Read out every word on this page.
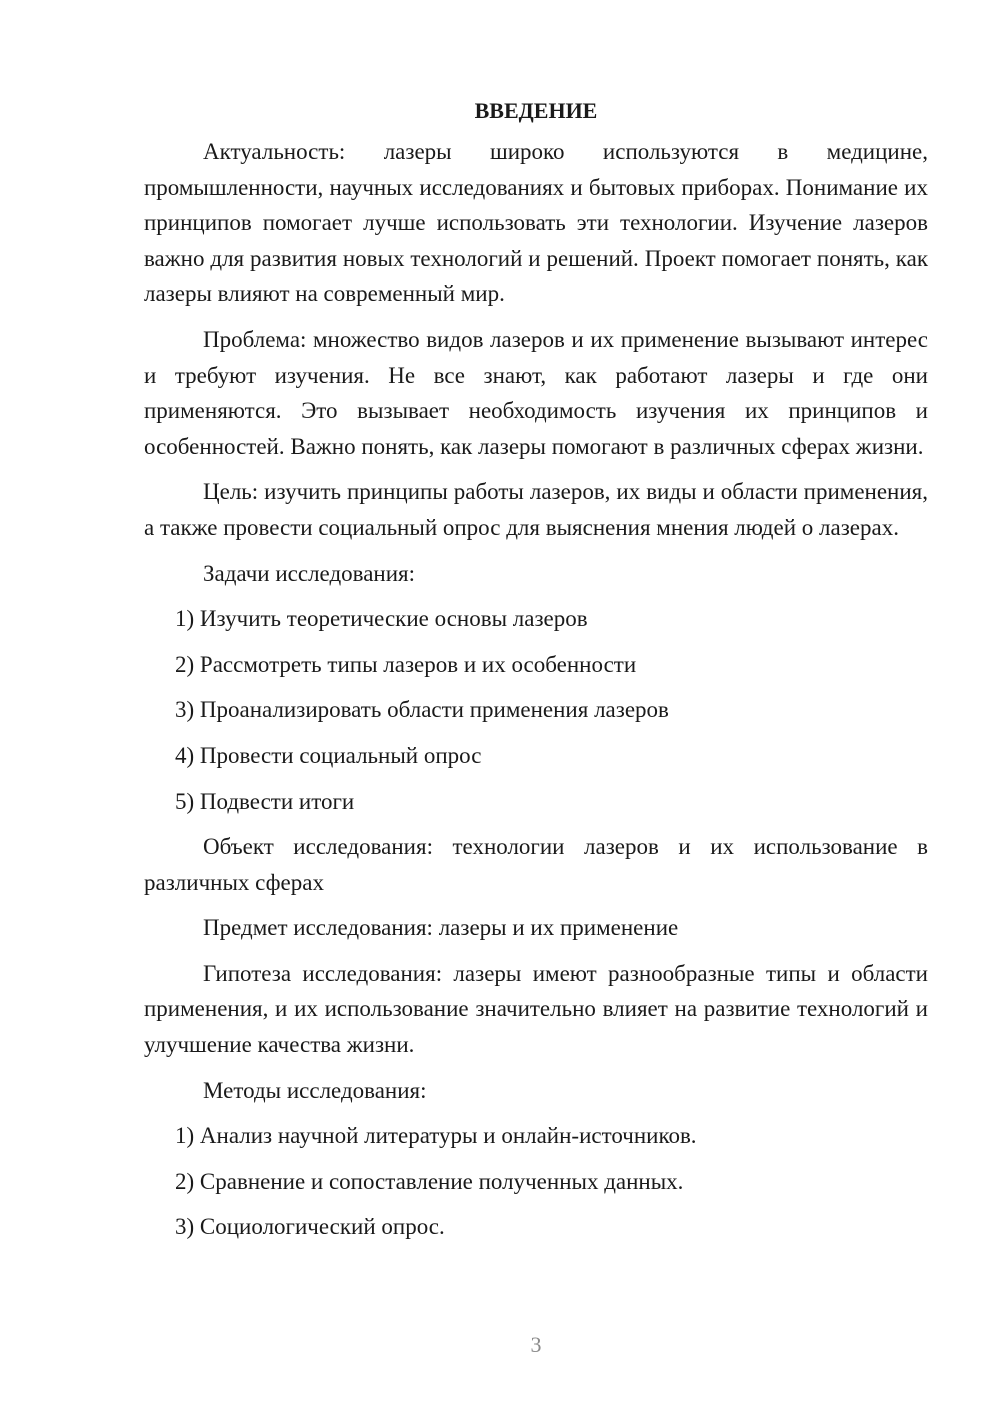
ВВЕДЕНИЕ

Актуальность: лазеры широко используются в медицине, промышленности, научных исследованиях и бытовых приборах. Понимание их принципов помогает лучше использовать эти технологии. Изучение лазеров важно для развития новых технологий и решений. Проект помогает понять, как лазеры влияют на современный мир.

Проблема: множество видов лазеров и их применение вызывают интерес и требуют изучения. Не все знают, как работают лазеры и где они применяются. Это вызывает необходимость изучения их принципов и особенностей. Важно понять, как лазеры помогают в различных сферах жизни.

Цель: изучить принципы работы лазеров, их виды и области применения, а также провести социальный опрос для выяснения мнения людей о лазерах.

Задачи исследования:

1) Изучить теоретические основы лазеров

2) Рассмотреть типы лазеров и их особенности

3) Проанализировать области применения лазеров

4) Провести социальный опрос

5) Подвести итоги

Объект исследования: технологии лазеров и их использование в различных сферах

Предмет исследования: лазеры и их применение

Гипотеза исследования: лазеры имеют разнообразные типы и области применения, и их использование значительно влияет на развитие технологий и улучшение качества жизни.

Методы исследования:

1) Анализ научной литературы и онлайн-источников.

2) Сравнение и сопоставление полученных данных.

3) Социологический опрос.

3
